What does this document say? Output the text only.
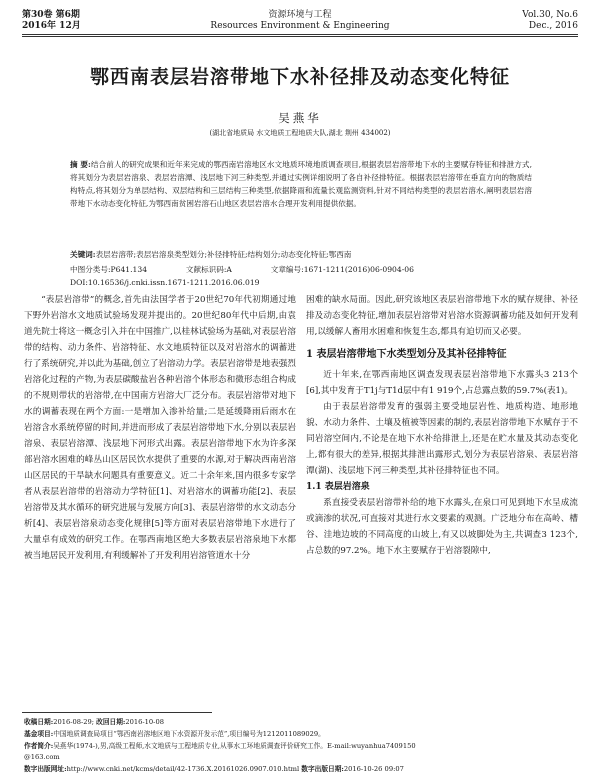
第30卷 第6期
2016年 12月
资源环境与工程
Resources Environment & Engineering
Vol.30, No.6
Dec., 2016
鄂西南表层岩溶带地下水补径排及动态变化特征
吴燕华
(湖北省地质局 水文地质工程地质大队,湖北 荆州 434002)
摘 要:结合前人的研究成果和近年来完成的鄂西南岩溶地区水文地质环境地质调查项目,根据表层岩溶带地下水的主要赋存特征和排泄方式,将其划分为表层岩溶泉、表层岩溶潭、浅层地下河三种类型,并通过实例详细说明了各自补径排特征。根据表层岩溶带在垂直方向的物质结构特点,将其划分为单层结构、双层结构和三层结构三种类型,依据降雨和流量长观监测资料,针对不同结构类型的表层岩溶水,阐明表层岩溶带地下水动态变化特征,为鄂西南贫困岩溶石山地区表层岩溶水合理开发利用提供依据。
关键词:表层岩溶带;表层岩溶泉类型划分;补径排特征;结构划分;动态变化特征;鄂西南
中图分类号:P641.134	文献标识码:A	文章编号:1671-1211(2016)06-0904-06
DOI:10.16536/j.cnki.issn.1671-1211.2016.06.019

“表层岩溶带”的概念,首先由法国学者于20世纪70年代初期通过地下野外岩溶水文地质试验场发现并提出的。20世纪80年代中后期,由袁道先院士将这一概念引入并在中国推广,以桂林试验场为基础,对表层岩溶带的结构、动力条件、岩溶特征、水文地质特征以及对岩溶水的调蓄进行了系统研究,并以此为基础,创立了岩溶动力学。表层岩溶带是地表强烈岩溶化过程的产物,为表层碳酸盐岩各种岩溶个体形态和微形态组合构成的不规则带状的岩溶带,在中国南方岩溶大厂泛分布。表层岩溶带对地下水的调蓄表现在两个方面:一是增加入渗补给量;二是延缓降雨后雨水在岩溶含水系统停留的时间,并进而形成了表层岩溶带地下水,分别以表层岩溶泉、表层岩溶潭、浅层地下河形式出露。表层岩溶带地下水为许多深部岩溶水困难的峰丛山区居民饮水提供了重要的水源,对于解决西南岩溶山区居民的干旱缺水问题具有重要意义。近二十余年来,国内很多专家学者从表层岩溶带的岩溶动力学特征[1]、对岩溶水的调蓄功能[2]、表层岩溶带及其水循环的研究进展与发展方向[3]、表层岩溶带的水文动态分析[4]、表层岩溶泉动态变化规律[5]等方面对表层岩溶带地下水进行了大量卓有成效的研究工作。在鄂西南地区绝大多数表层岩溶泉地下水都被当地居民开发利用,有利缓解补了开发利用岩溶管道水十分

困难的缺水局面。因此,研究该地区表层岩溶带地下水的赋存规律、补径排及动态变化特征,增加表层岩溶带对岩溶水资源调蓄功能及如何开发利用,以缓解人畜用水困难和恢复生态,都具有迫切而又必要。

1 表层岩溶带地下水类型划分及其补径排特征

近十年来,在鄂西南地区调查发现表层岩溶带地下水露头3 213个[6],其中发育于T1j与T1d层中有1 919个,占总露点数的59.7%(表1)。

由于表层岩溶带发育的强弱主要受地层岩性、地质构造、地形地貌、水动力条件、土壤及植被等因素的制约,表层岩溶带地下水赋存于不同岩溶空间内,不论是在地下水补给排泄上,还是在贮水量及其动态变化上,都有很大的差异,根据其排泄出露形式,划分为表层岩溶泉、表层岩溶潭(湖)、浅层地下河三种类型,其补径排特征也不同。

1.1 表层岩溶泉

系直接受表层岩溶带补给的地下水露头,在泉口可见到地下水呈成流或滴渗的状况,可直接对其进行水文要素的观测。广泛地分布在高岭、槽谷、洼地边坡的不同高度的山坡上,有又以坡脚处为主,共调查3 123个,占总数的97.2%。地下水主要赋存于岩溶裂隙中,

收稿日期:2016-08-29; 改回日期:2016-10-08
基金项目:中国地质调查局项目“鄂西南岩溶地区地下水资源开发示范”,项目编号为1212011089029。
作者简介:吴燕华(1974-),男,高级工程师,水文地质与工程地质专业,从事水工环地质调查评价研究工作。E-mail:wuyanhua7409150
@163.com
数字出版网址:http://www.cnki.net/kcms/detail/42-1736.X.20161026.0907.010.html 数字出版日期:2016-10-26 09:07
